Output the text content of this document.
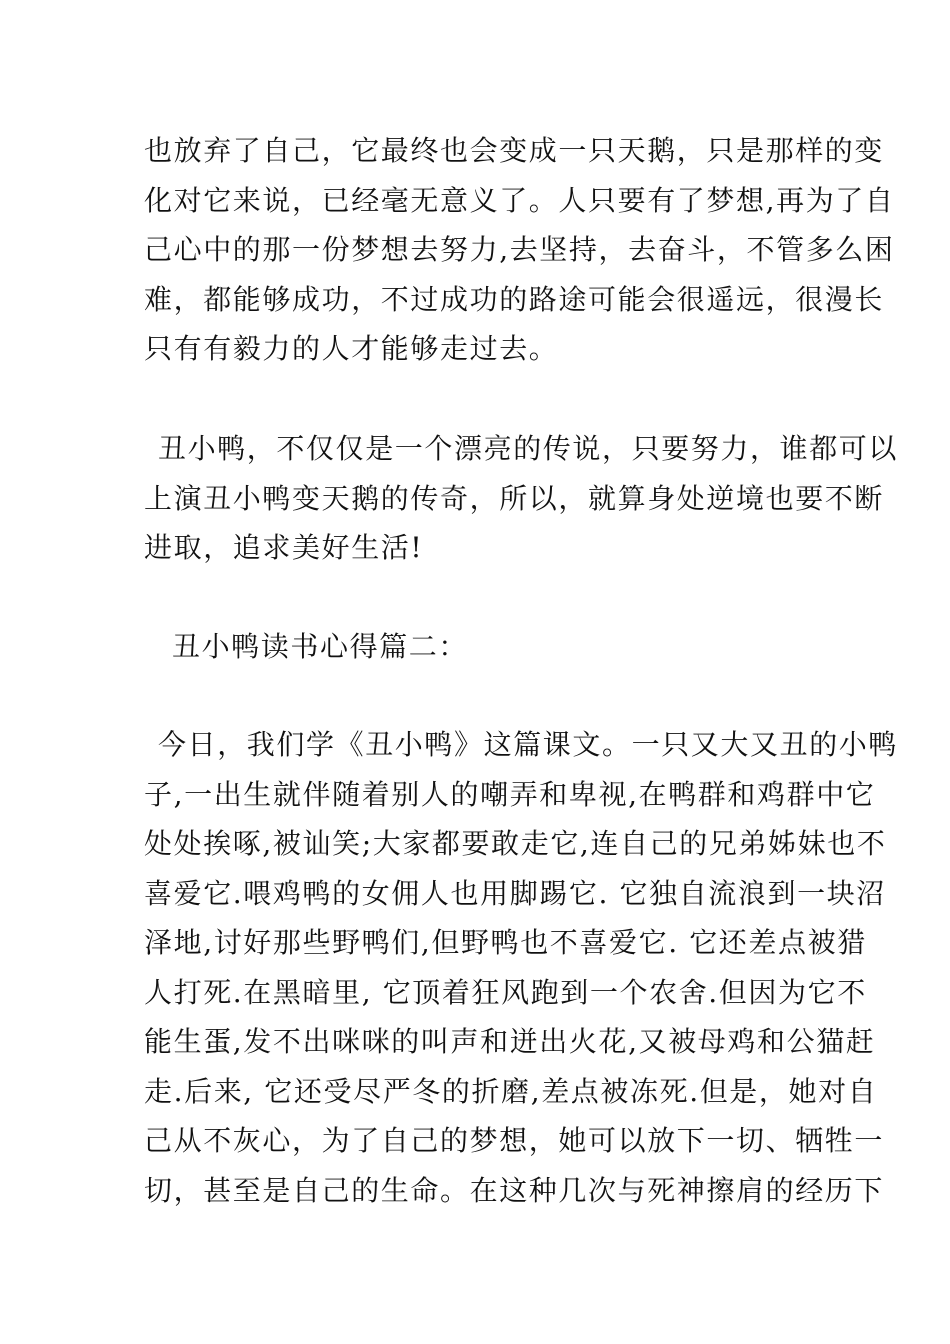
也放弃了自己，它最终也会变成一只天鹅，只是那样的变
化对它来说，已经毫无意义了。人只要有了梦想,再为了自
己心中的那一份梦想去努力,去坚持，去奋斗，不管多么困
难，都能够成功，不过成功的路途可能会很遥远，很漫长
只有有毅力的人才能够走过去。

丑小鸭，不仅仅是一个漂亮的传说，只要努力，谁都可以
上演丑小鸭变天鹅的传奇，所以，就算身处逆境也要不断
进取，追求美好生活!

丑小鸭读书心得篇二：

今日，我们学《丑小鸭》这篇课文。一只又大又丑的小鸭
子,一出生就伴随着别人的嘲弄和卑视,在鸭群和鸡群中它
处处挨啄,被讪笑;大家都要敢走它,连自己的兄弟姊妹也不
喜爱它.喂鸡鸭的女佣人也用脚踢它. 它独自流浪到一块沼
泽地,讨好那些野鸭们,但野鸭也不喜爱它. 它还差点被猎
人打死.在黑暗里, 它顶着狂风跑到一个农舍.但因为它不
能生蛋,发不出咪咪的叫声和迸出火花,又被母鸡和公猫赶
走.后来, 它还受尽严冬的折磨,差点被冻死.但是，她对自
己从不灰心，为了自己的梦想，她可以放下一切、牺牲一
切，甚至是自己的生命。在这种几次与死神擦肩的经历下
